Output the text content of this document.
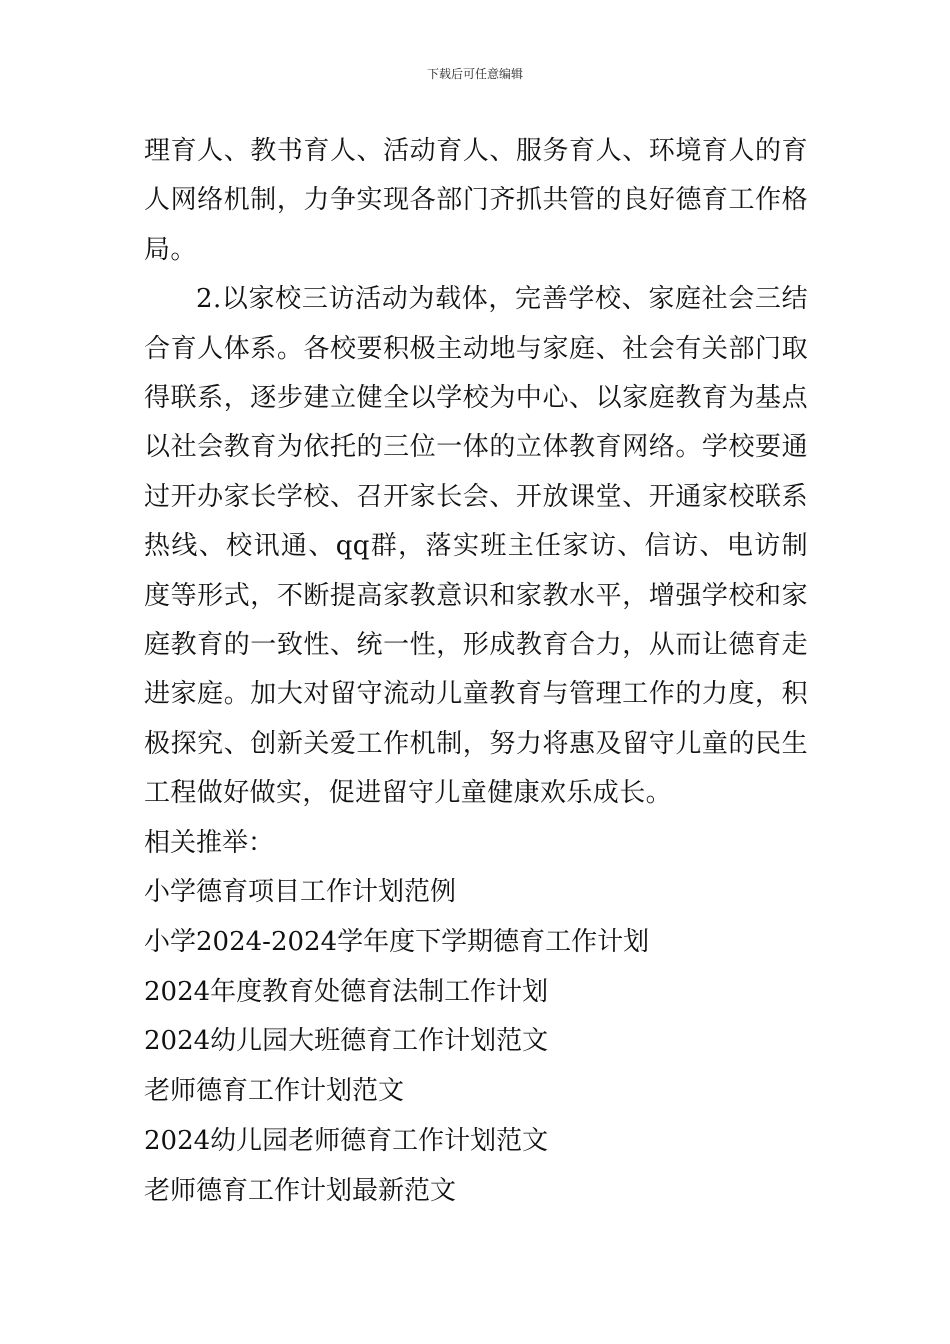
下载后可任意编辑

理育人、教书育人、活动育人、服务育人、环境育人的育人网络机制，力争实现各部门齐抓共管的良好德育工作格局。

2.以家校三访活动为载体，完善学校、家庭社会三结合育人体系。各校要积极主动地与家庭、社会有关部门取得联系，逐步建立健全以学校为中心、以家庭教育为基点以社会教育为依托的三位一体的立体教育网络。学校要通过开办家长学校、召开家长会、开放课堂、开通家校联系热线、校讯通、qq群，落实班主任家访、信访、电访制度等形式，不断提高家教意识和家教水平，增强学校和家庭教育的一致性、统一性，形成教育合力，从而让德育走进家庭。加大对留守流动儿童教育与管理工作的力度，积极探究、创新关爱工作机制，努力将惠及留守儿童的民生工程做好做实，促进留守儿童健康欢乐成长。

相关推举：

小学德育项目工作计划范例
小学2024-2024学年度下学期德育工作计划
2024年度教育处德育法制工作计划
2024幼儿园大班德育工作计划范文
老师德育工作计划范文
2024幼儿园老师德育工作计划范文
老师德育工作计划最新范文
